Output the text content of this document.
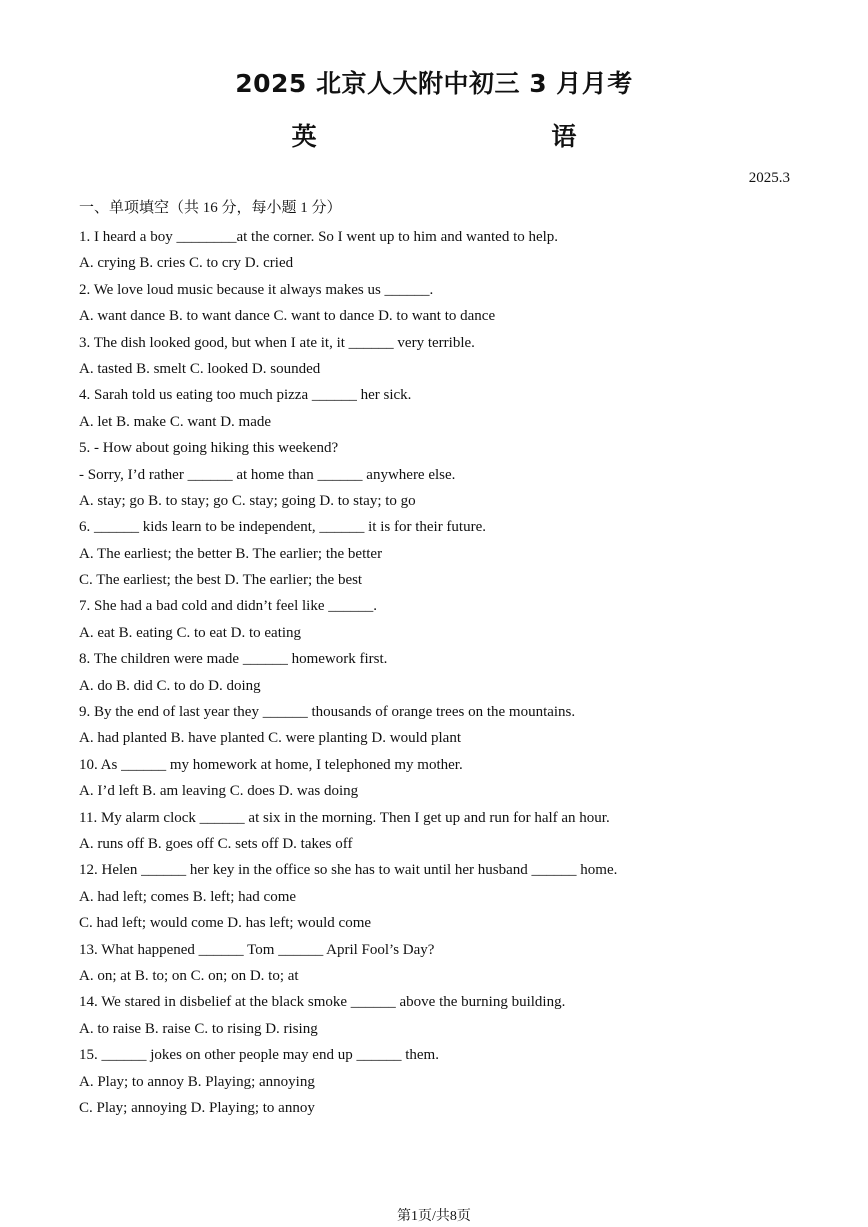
2025 北京人大附中初三 3 月月考
英    语
2025.3
一、单项填空（共 16 分，每小题 1 分）
1. I heard a boy ________at the corner. So I went up to him and wanted to help.
A. crying B. cries C. to cry D. cried
2. We love loud music because it always makes us ______.
A. want dance B. to want dance C. want to dance D. to want to dance
3. The dish looked good, but when I ate it, it ______ very terrible.
A. tasted B. smelt C. looked D. sounded
4. Sarah told us eating too much pizza ______ her sick.
A. let B. make C. want D. made
5. - How about going hiking this weekend?
- Sorry, I’d rather ______ at home than ______ anywhere else.
A. stay; go B. to stay; go C. stay; going D. to stay; to go
6. ______ kids learn to be independent, ______ it is for their future.
A. The earliest; the better B. The earlier; the better
C. The earliest; the best D. The earlier; the best
7. She had a bad cold and didn’t feel like ______.
A. eat B. eating C. to eat D. to eating
8. The children were made ______ homework first.
A. do B. did C. to do D. doing
9. By the end of last year they ______ thousands of orange trees on the mountains.
A. had planted B. have planted C. were planting D. would plant
10. As ______ my homework at home, I telephoned my mother.
A. I’d left B. am leaving C. does D. was doing
11. My alarm clock ______ at six in the morning. Then I get up and run for half an hour.
A. runs off B. goes off C. sets off D. takes off
12. Helen ______ her key in the office so she has to wait until her husband ______ home.
A. had left; comes B. left; had come
C. had left; would come D. has left; would come
13. What happened ______ Tom ______ April Fool’s Day?
A. on; at B. to; on C. on; on D. to; at
14. We stared in disbelief at the black smoke ______ above the burning building.
A. to raise B. raise C. to rising D. rising
15. ______ jokes on other people may end up ______ them.
A. Play; to annoy B. Playing; annoying
C. Play; annoying D. Playing; to annoy
第1页/共8页
